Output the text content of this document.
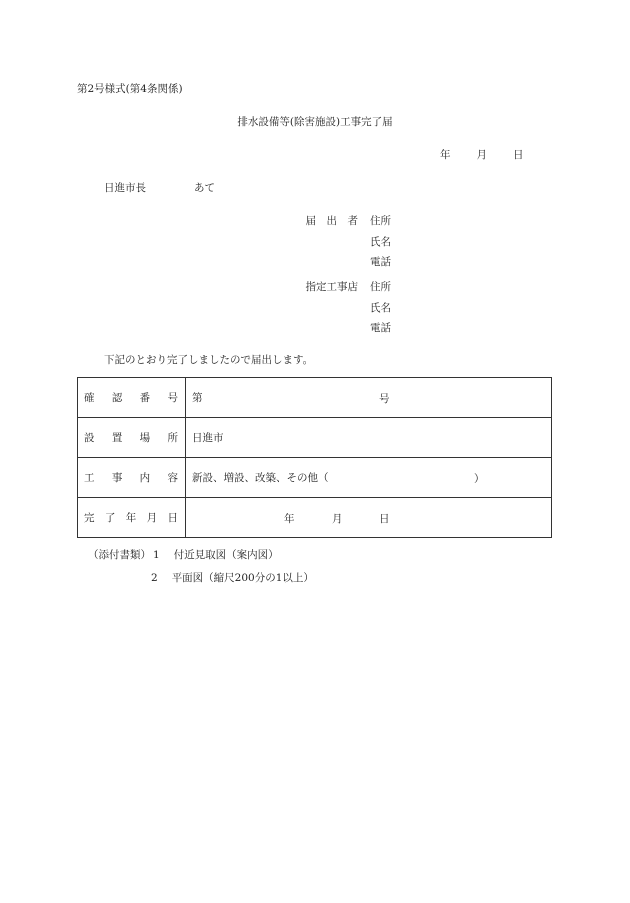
第2号様式(第4条関係)
排水設備等(除害施設)工事完了届
年 月 日
日進市長	あて
届　出　者 住所
氏名
電話
指定工事店 住所
氏名
電話
下記のとおり完了しましたので届出します。
確 認 番 号	第 号

設 置 場 所	日進市

工 事 内 容	新設、増設、改築、その他（ ）

完 了 年 月 日	年 月 日
（添付書類） 1 付近見取図（案内図）
2 平面図（縮尺200分の1以上）
